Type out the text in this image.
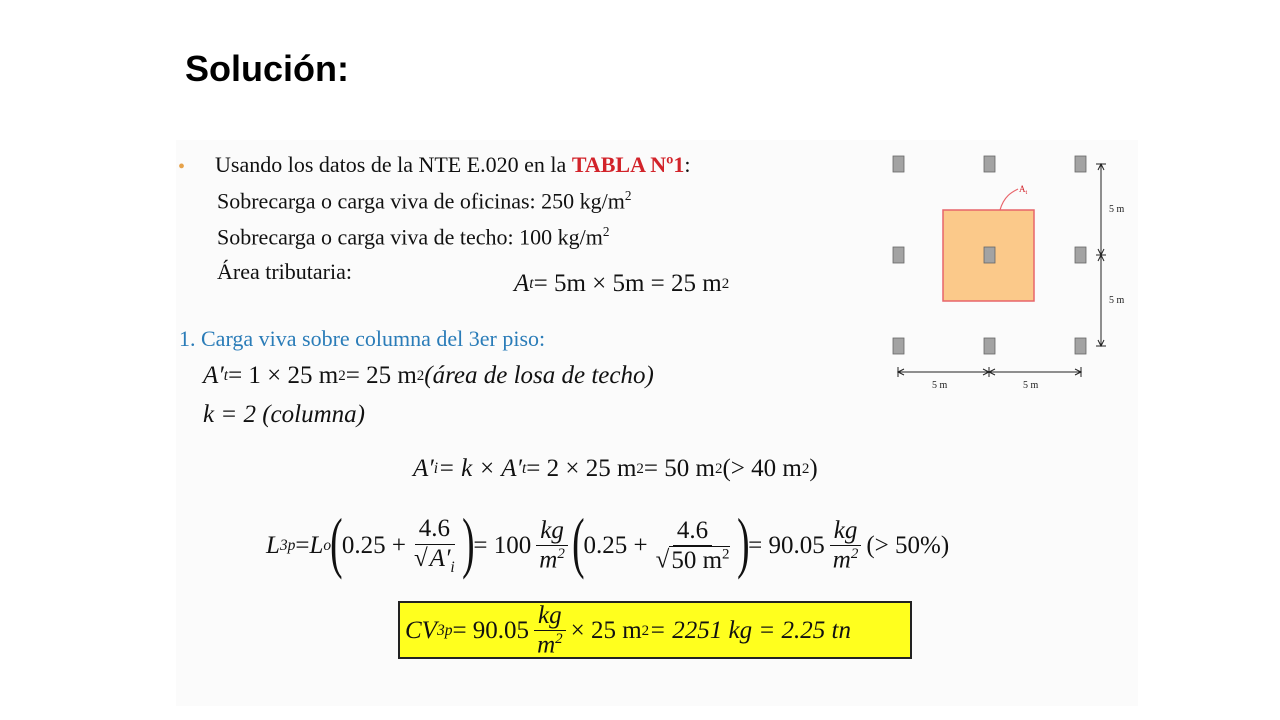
Solución:
• Usando los datos de la NTE E.020 en la TABLA Nº1:
Sobrecarga o carga viva de oficinas: 250 $kg/m^2$
Sobrecarga o carga viva de techo: 100 $kg/m^2$
Área tributaria:	A t = 5m × 5m = 25 m 2
1. Carga viva sobre columna del 3er piso:
A′ t = 1 × 25 m 2 = 25 m 2 (área de losa de techo)
k = 2 (columna)
A′ i = k × A′ t = 2 × 25 m 2 = 50 m 2 (> 40 m 2 )
L 3p = L o ( $0.25 + \frac{4.6}{√A'_i}$ ) = $100 \frac{kg}{m^2}$ ( $0.25 + \frac{4.6}{√50 m^2}$ ) = $90.05 \frac{kg}{m^2}$ (> 50%)
CV $3p = 90.05 \frac{kg}{m^2} \times 25$ m 2 = 2251 kg = 2.25 tn
$A_t$
5 m
5 m
5 m	5 m
